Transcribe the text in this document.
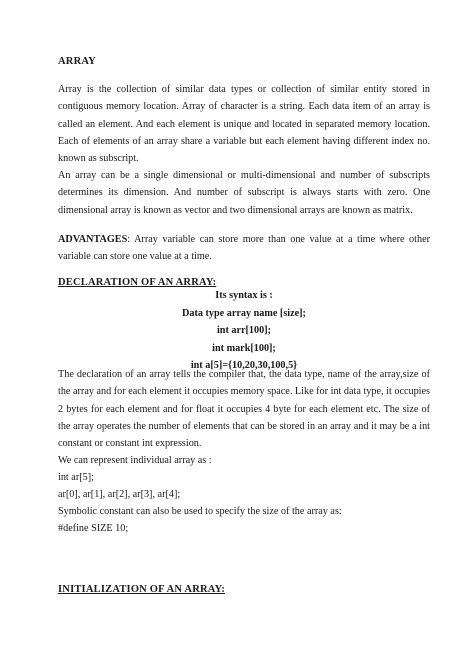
ARRAY

Array is the collection of similar data types or collection of similar entity stored in contiguous memory location. Array of character is a string. Each data item of an array is called an element. And each element is unique and located in separated memory location. Each of elements of an array share a variable but each element having different index no. known as subscript.

An array can be a single dimensional or multi-dimensional and number of subscripts determines its dimension. And number of subscript is always starts with zero. One dimensional array is known as vector and two dimensional arrays are known as matrix.

ADVANTAGES: Array variable can store more than one value at a time where other variable can store one value at a time.

DECLARATION OF AN ARRAY:
Its syntax is :
Data type array name [size];
int arr[100];
int mark[100];
int a[5]={10,20,30,100,5}

The declaration of an array tells the compiler that, the data type, name of the array,size of the array and for each element it occupies memory space. Like for int data type, it occupies 2 bytes for each element and for float it occupies 4 byte for each element etc. The size of the array operates the number of elements that can be stored in an array and it may be a int constant or constant int expression.

We can represent individual array as :
int ar[5];
ar[0], ar[1], ar[2], ar[3], ar[4];
Symbolic constant can also be used to specify the size of the array as:
#define SIZE 10;
INITIALIZATION OF AN ARRAY:
